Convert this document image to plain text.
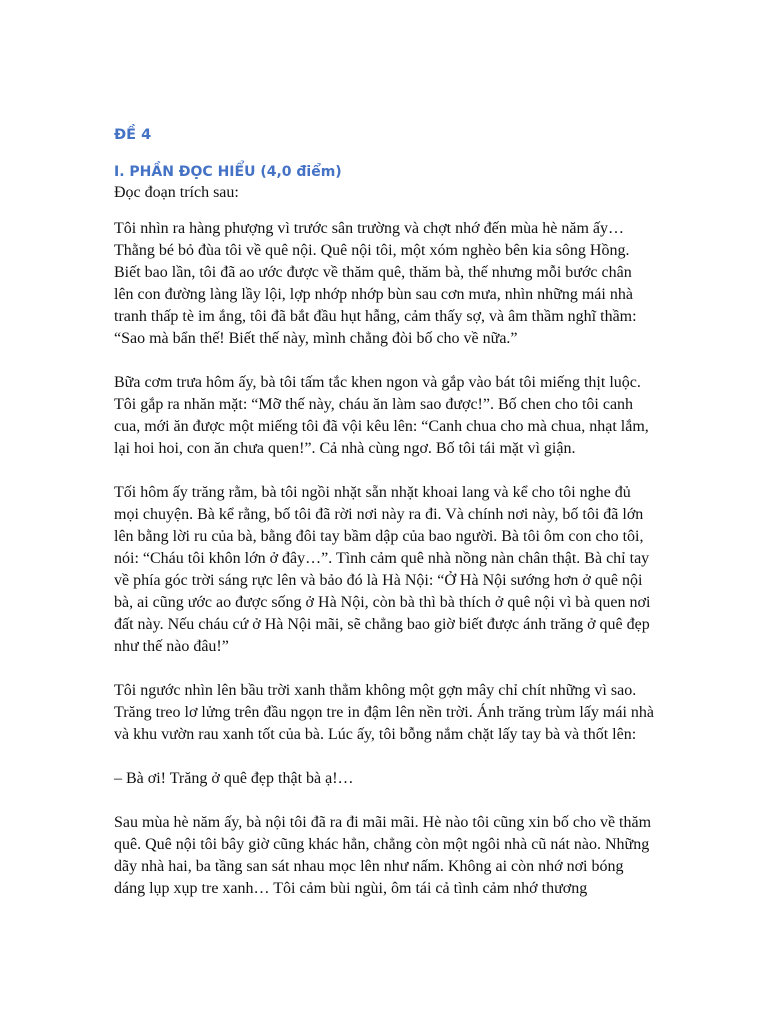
ĐỀ 4
I. PHẦN ĐỌC HIỂU (4,0 điểm)

Đọc đoạn trích sau:

Tôi nhìn ra hàng phượng vì trước sân trường và chợt nhớ đến mùa hè năm ấy… Thằng bé bỏ đùa tôi về quê nội. Quê nội tôi, một xóm nghèo bên kia sông Hồng. Biết bao lần, tôi đã ao ước được về thăm quê, thăm bà, thế nhưng mỗi bước chân lên con đường làng lầy lội, lợp nhớp nhớp bùn sau cơn mưa, nhìn những mái nhà tranh thấp tè im ắng, tôi đã bắt đầu hụt hẫng, cảm thấy sợ, và âm thầm nghĩ thầm: “Sao mà bẩn thế! Biết thế này, mình chẳng đòi bố cho về nữa.”

Bữa cơm trưa hôm ấy, bà tôi tấm tắc khen ngon và gắp vào bát tôi miếng thịt luộc. Tôi gắp ra nhăn mặt: “Mỡ thế này, cháu ăn làm sao được!”. Bố chen cho tôi canh cua, mới ăn được một miếng tôi đã vội kêu lên: “Canh chua cho mà chua, nhạt lắm, lại hoi hoi, con ăn chưa quen!”. Cả nhà cùng ngơ. Bố tôi tái mặt vì giận.

Tối hôm ấy trăng rằm, bà tôi ngồi nhặt sẵn nhặt khoai lang và kể cho tôi nghe đủ mọi chuyện. Bà kể rằng, bố tôi đã rời nơi này ra đi. Và chính nơi này, bố tôi đã lớn lên bằng lời ru của bà, bằng đôi tay bầm dập của bao người. Bà tôi ôm con cho tôi, nói: “Cháu tôi khôn lớn ở đây…”. Tình cảm quê nhà nồng nàn chân thật. Bà chỉ tay về phía góc trời sáng rực lên và bảo đó là Hà Nội: “Ở Hà Nội sướng hơn ở quê nội bà, ai cũng ước ao được sống ở Hà Nội, còn bà thì bà thích ở quê nội vì bà quen nơi đất này. Nếu cháu cứ ở Hà Nội mãi, sẽ chẳng bao giờ biết được ánh trăng ở quê đẹp như thế nào đâu!”

Tôi ngước nhìn lên bầu trời xanh thẳm không một gợn mây chỉ chít những vì sao. Trăng treo lơ lửng trên đầu ngọn tre in đậm lên nền trời. Ánh trăng trùm lấy mái nhà và khu vườn rau xanh tốt của bà. Lúc ấy, tôi bỗng nắm chặt lấy tay bà và thốt lên:

– Bà ơi! Trăng ở quê đẹp thật bà ạ!…

Sau mùa hè năm ấy, bà nội tôi đã ra đi mãi mãi. Hè nào tôi cũng xin bố cho về thăm quê. Quê nội tôi bây giờ cũng khác hẳn, chẳng còn một ngôi nhà cũ nát nào. Những dãy nhà hai, ba tầng san sát nhau mọc lên như nấm. Không ai còn nhớ nơi bóng dáng lụp xụp tre xanh… Tôi cảm bùi ngùi, ôm tái cả tình cảm nhớ thương
